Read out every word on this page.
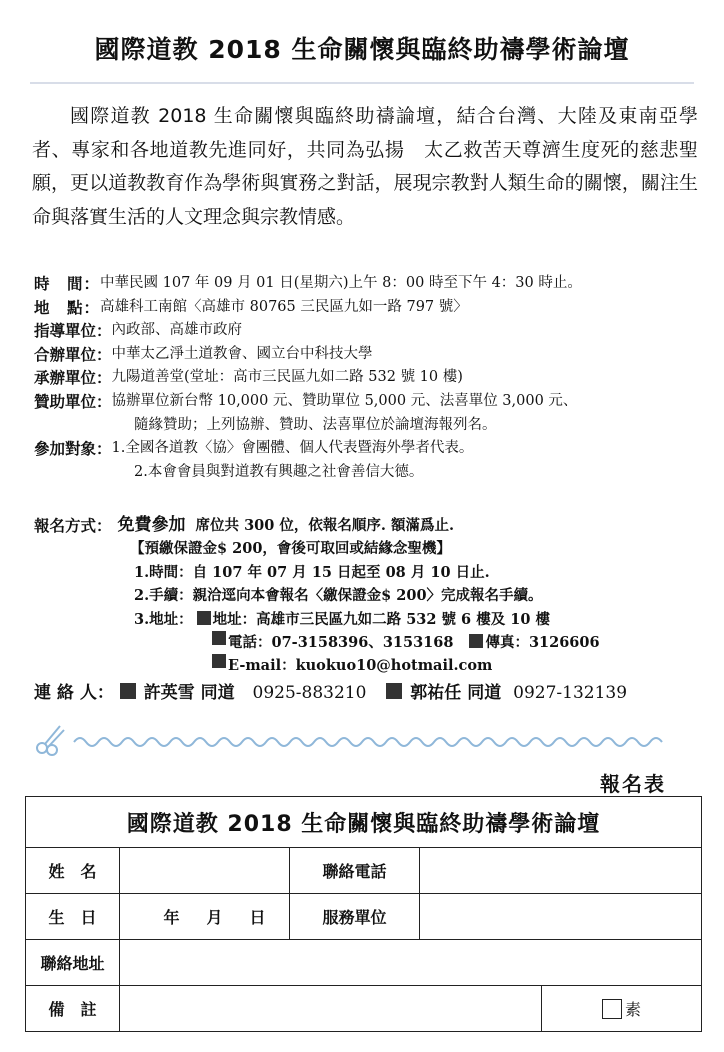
國際道教 2018 生命關懷與臨終助禱學術論壇
國際道教 2018 生命關懷與臨終助禱論壇，結合台灣、大陸及東南亞學者、專家和各地道教先進同好，共同為弘揚　太乙救苦天尊濟生度死的慈悲聖願，更以道教教育作為學術與實務之對話，展現宗教對人類生命的關懷，關注生命與落實生活的人文理念與宗教情感。
時　間： 中華民國 107 年 09 月 01 日(星期六)上午 8：00 時至下午 4：30 時止。
地　點： 高雄科工南館〈高雄市 80765 三民區九如一路 797 號〉
指導單位： 內政部、高雄市政府
合辦單位： 中華太乙淨土道教會、國立台中科技大學
承辦單位： 九陽道善堂(堂址：高市三民區九如二路 532 號 10 樓)
贊助單位： 協辦單位新台幣 10,000 元、贊助單位 5,000 元、法喜單位 3,000 元、
隨緣贊助；上列協辦、贊助、法喜單位於論壇海報列名。
參加對象： 1.全國各道教〈協〉會團體、個人代表暨海外學者代表。
2.本會會員與對道教有興趣之社會善信大德。
報名方式： 免費參加 席位共 300 位，依報名順序. 額滿爲止.
【預繳保證金$ 200，會後可取回或結緣念聖機】
1.時間：自 107 年 07 月 15 日起至 08 月 10 日止.
2.手續：親洽逕向本會報名〈繳保證金$ 200〉完成報名手續。
3.地址：	地址：高雄市三民區九如二路 532 號 6 樓及 10 樓
電話：07-3158396、3153168	傳真：3126606
E-mail：kuokuo10@hotmail.com
連 絡 人： 許英雪 同道 0925-883210	郭祐任 同道 0927-132139
報名表
國際道教 2018 生命關懷與臨終助禱學術論壇				
姓　名		聯絡電話		
生　日	年 月 日	服務單位		
聯絡地址				
備　註				素
